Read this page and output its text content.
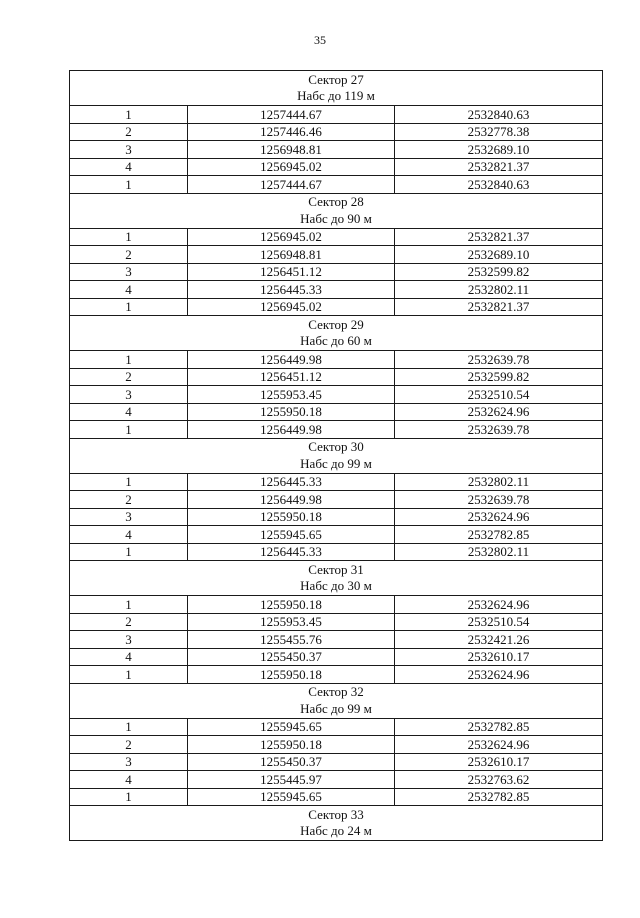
35
Сектор 27
Набс до 119 м		

1	1257444.67	2532840.63
2	1257446.46	2532778.38
3	1256948.81	2532689.10
4	1256945.02	2532821.37
1	1257444.67	2532840.63

Сектор 28
Набс до 90 м		

1	1256945.02	2532821.37
2	1256948.81	2532689.10
3	1256451.12	2532599.82
4	1256445.33	2532802.11
1	1256945.02	2532821.37

Сектор 29
Набс до 60 м		

1	1256449.98	2532639.78
2	1256451.12	2532599.82
3	1255953.45	2532510.54
4	1255950.18	2532624.96
1	1256449.98	2532639.78

Сектор 30
Набс до 99 м		

1	1256445.33	2532802.11
2	1256449.98	2532639.78
3	1255950.18	2532624.96
4	1255945.65	2532782.85
1	1256445.33	2532802.11

Сектор 31
Набс до 30 м		

1	1255950.18	2532624.96
2	1255953.45	2532510.54
3	1255455.76	2532421.26
4	1255450.37	2532610.17
1	1255950.18	2532624.96

Сектор 32
Набс до 99 м		

1	1255945.65	2532782.85
2	1255950.18	2532624.96
3	1255450.37	2532610.17
4	1255445.97	2532763.62
1	1255945.65	2532782.85

Сектор 33
Набс до 24 м		
